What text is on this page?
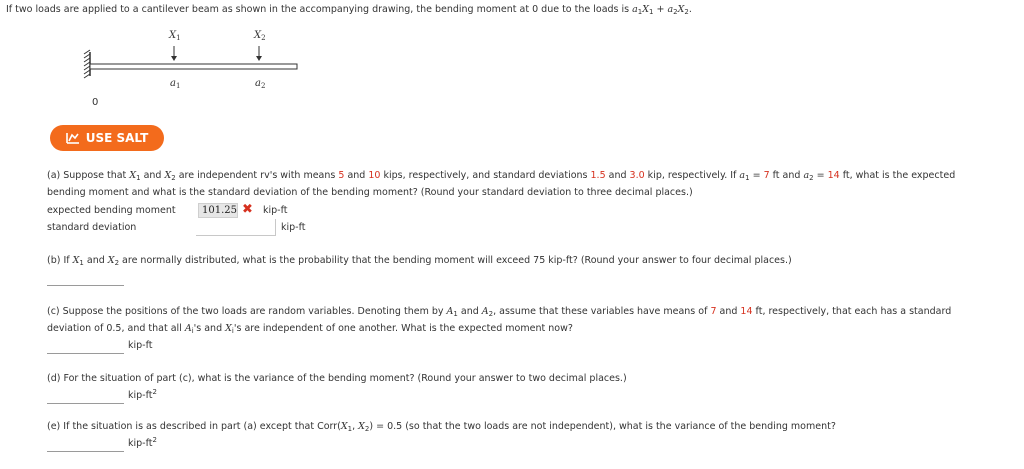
If two loads are applied to a cantilever beam as shown in the accompanying drawing, the bending moment at 0 due to the loads is $a_1X_1 + a_2X_2$.
$X_1$	$X_2$
$a_1$	$a_2$
0
USE SALT
(a) Suppose that $X_1$ and $X_2$ are independent rv's with means 5 and 10 kips, respectively, and standard deviations 1.5 and 3.0 kip, respectively. If $a_1 = 7$ ft and $a_2 = 14$ ft, what is the expected
bending moment and what is the standard deviation of the bending moment? (Round your standard deviation to three decimal places.)
expected bending moment	101.25 ✖ kip-ft
standard deviation	kip-ft
(b) If $X_1$ and $X_2$ are normally distributed, what is the probability that the bending moment will exceed 75 kip-ft? (Round your answer to four decimal places.)
(c) Suppose the positions of the two loads are random variables. Denoting them by $A_1$ and $A_2$, assume that these variables have means of 7 and 14 ft, respectively, that each has a standard
deviation of 0.5, and that all $A_i's$ and $X_i's$ are independent of one another. What is the expected moment now?
kip-ft
(d) For the situation of part (c), what is the variance of the bending moment? (Round your answer to two decimal places.)
kip-$ft^2$
(e) If the situation is as described in part (a) except that $Corr(X_1$, $X_2) = 0.5$ (so that the two loads are not independent), what is the variance of the bending moment?
kip-$ft^2$
